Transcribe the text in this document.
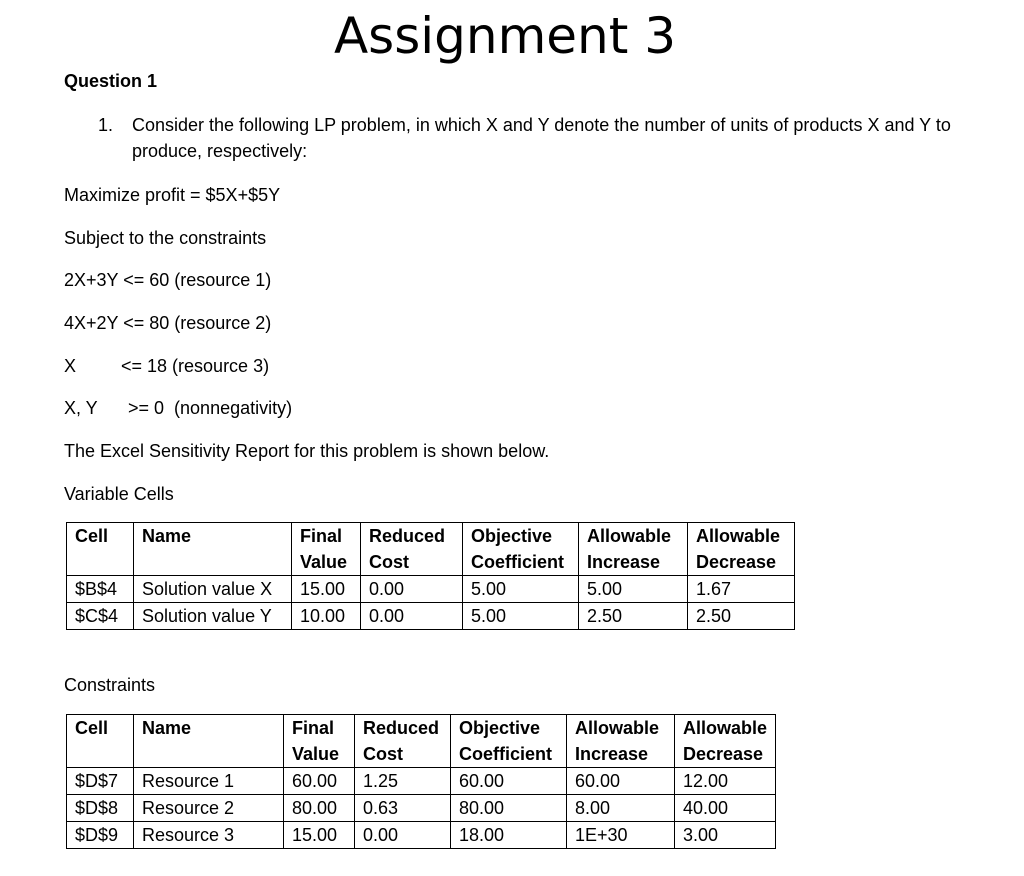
Assignment 3
Question 1
1. Consider the following LP problem, in which X and Y denote the number of units of products X and Y to produce, respectively:
Maximize profit = $5X+$5Y
Subject to the constraints
2X+3Y <= 60 (resource 1)
4X+2Y <= 80 (resource 2)

X

<= 18 (resource 3)

X, Y

>= 0  (nonnegativity)

The Excel Sensitivity Report for this problem is shown below.
Variable Cells
Cell	Name	Final Value	Reduced Cost	Objective Coefficient	Allowable Increase	Allowable Decrease
$B$4	Solution value X	15.00	0.00	5.00	5.00	1.67
$C$4	Solution value Y	10.00	0.00	5.00	2.50	2.50
Constraints
Cell	Name	Final Value	Reduced Cost	Objective Coefficient	Allowable Increase	Allowable Decrease
$D$7	Resource 1	60.00	1.25	60.00	60.00	12.00
$D$8	Resource 2	80.00	0.63	80.00	8.00	40.00
$D$9	Resource 3	15.00	0.00	18.00	1E+30	3.00
